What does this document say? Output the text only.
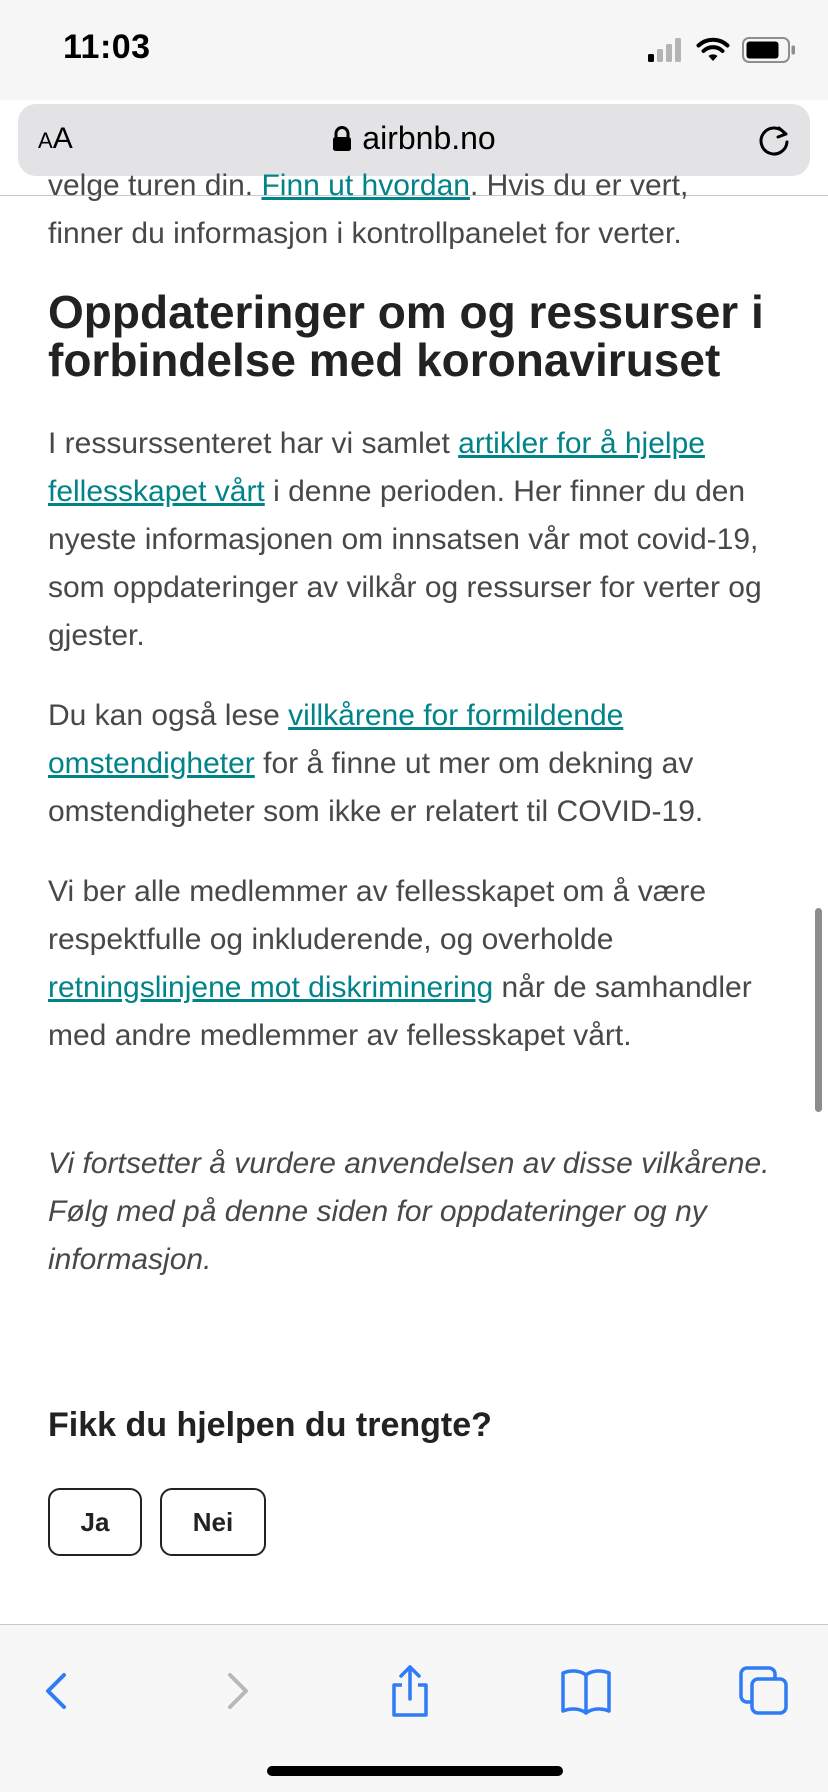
11:03
A A	airbnb.no
velge turen din. Finn ut hvordan. Hvis du er vert,
finner du informasjon i kontrollpanelet for verter.
Oppdateringer om og ressurser i forbindelse med koronaviruset

I ressurssenteret har vi samlet artikler for å hjelpe fellesskapet vårt i denne perioden. Her finner du den nyeste informasjonen om innsatsen vår mot covid-19, som oppdateringer av vilkår og ressurser for verter og gjester.

Du kan også lese villkårene for formildende omstendigheter for å finne ut mer om dekning av omstendigheter som ikke er relatert til COVID-19.

Vi ber alle medlemmer av fellesskapet om å være respektfulle og inkluderende, og overholde retningslinjene mot diskriminering når de samhandler med andre medlemmer av fellesskapet vårt.

Vi fortsetter å vurdere anvendelsen av disse vilkårene. Følg med på denne siden for oppdateringer og ny informasjon.

Fikk du hjelpen du trengte?
Ja	Nei
